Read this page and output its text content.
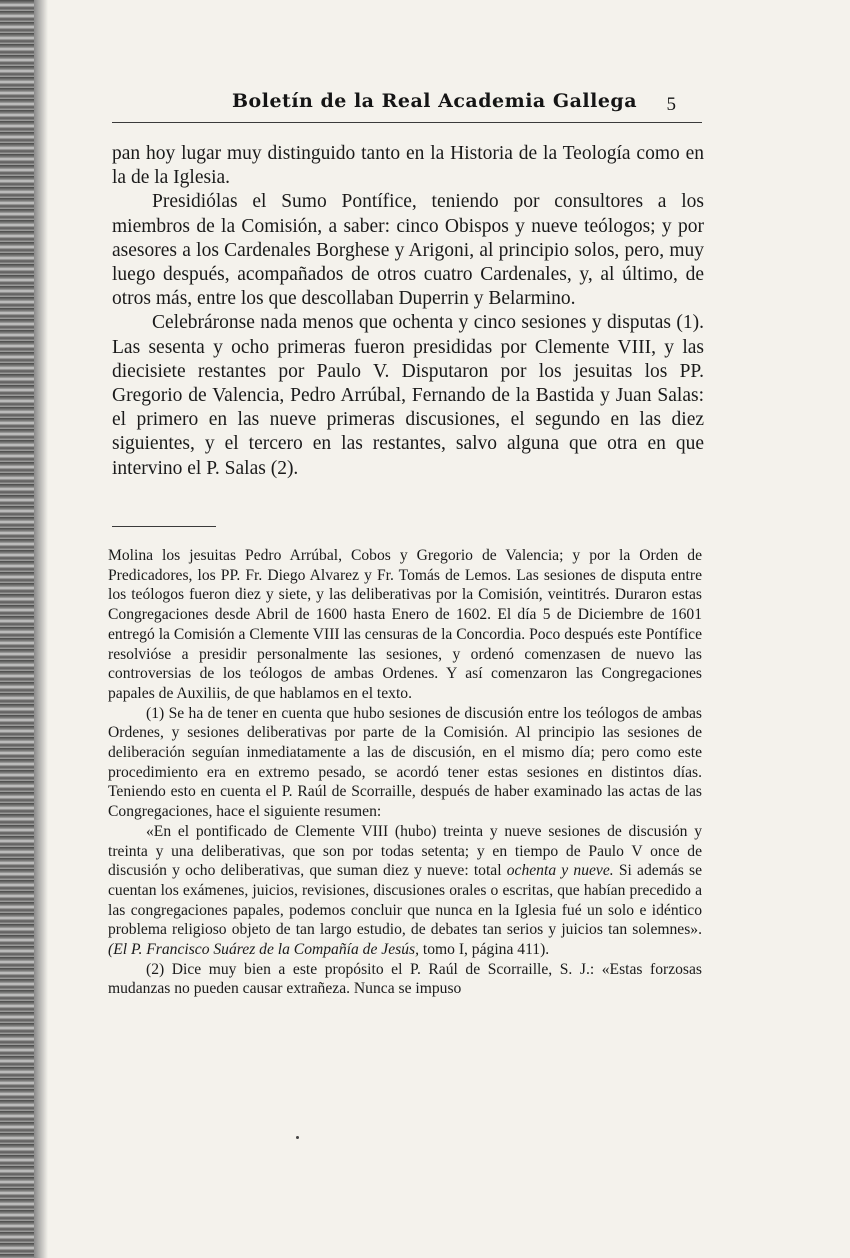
Boletín de la Real Academia Gallega 5

pan hoy lugar muy distinguido tanto en la Historia de la Teología como en la de la Iglesia.

Presidiólas el Sumo Pontífice, teniendo por consultores a los miembros de la Comisión, a saber: cinco Obispos y nueve teólogos; y por asesores a los Cardenales Borghese y Arigoni, al principio solos, pero, muy luego después, acompañados de otros cuatro Cardenales, y, al último, de otros más, entre los que descollaban Duperrin y Belarmino.

Celebráronse nada menos que ochenta y cinco sesiones y disputas (1). Las sesenta y ocho primeras fueron presididas por Clemente VIII, y las diecisiete restantes por Paulo V. Disputaron por los jesuitas los PP. Gregorio de Valencia, Pedro Arrúbal, Fernando de la Bastida y Juan Salas: el primero en las nueve primeras discusiones, el segundo en las diez siguientes, y el tercero en las restantes, salvo alguna que otra en que intervino el P. Salas (2).

Molina los jesuitas Pedro Arrúbal, Cobos y Gregorio de Valencia; y por la Orden de Predicadores, los PP. Fr. Diego Alvarez y Fr. Tomás de Lemos. Las sesiones de disputa entre los teólogos fueron diez y siete, y las deliberativas por la Comisión, veintitrés. Duraron estas Congregaciones desde Abril de 1600 hasta Enero de 1602. El día 5 de Diciembre de 1601 entregó la Comisión a Clemente VIII las censuras de la Concordia. Poco después este Pontífice resolvióse a presidir personalmente las sesiones, y ordenó comenzasen de nuevo las controversias de los teólogos de ambas Ordenes. Y así comenzaron las Congregaciones papales de Auxiliis, de que hablamos en el texto.

(1) Se ha de tener en cuenta que hubo sesiones de discusión entre los teólogos de ambas Ordenes, y sesiones deliberativas por parte de la Comisión. Al principio las sesiones de deliberación seguían inmediatamente a las de discusión, en el mismo día; pero como este procedimiento era en extremo pesado, se acordó tener estas sesiones en distintos días. Teniendo esto en cuenta el P. Raúl de Scorraille, después de haber examinado las actas de las Congregaciones, hace el siguiente resumen:

«En el pontificado de Clemente VIII (hubo) treinta y nueve sesiones de discusión y treinta y una deliberativas, que son por todas setenta; y en tiempo de Paulo V once de discusión y ocho deliberativas, que suman diez y nueve: total ochenta y nueve. Si además se cuentan los exámenes, juicios, revisiones, discusiones orales o escritas, que habían precedido a las congregaciones papales, podemos concluir que nunca en la Iglesia fué un solo e idéntico problema religioso objeto de tan largo estudio, de debates tan serios y juicios tan solemnes». (El P. Francisco Suárez de la Compañía de Jesús, tomo I, página 411).

(2) Dice muy bien a este propósito el P. Raúl de Scorraille, S. J.: «Estas forzosas mudanzas no pueden causar extrañeza. Nunca se impuso
